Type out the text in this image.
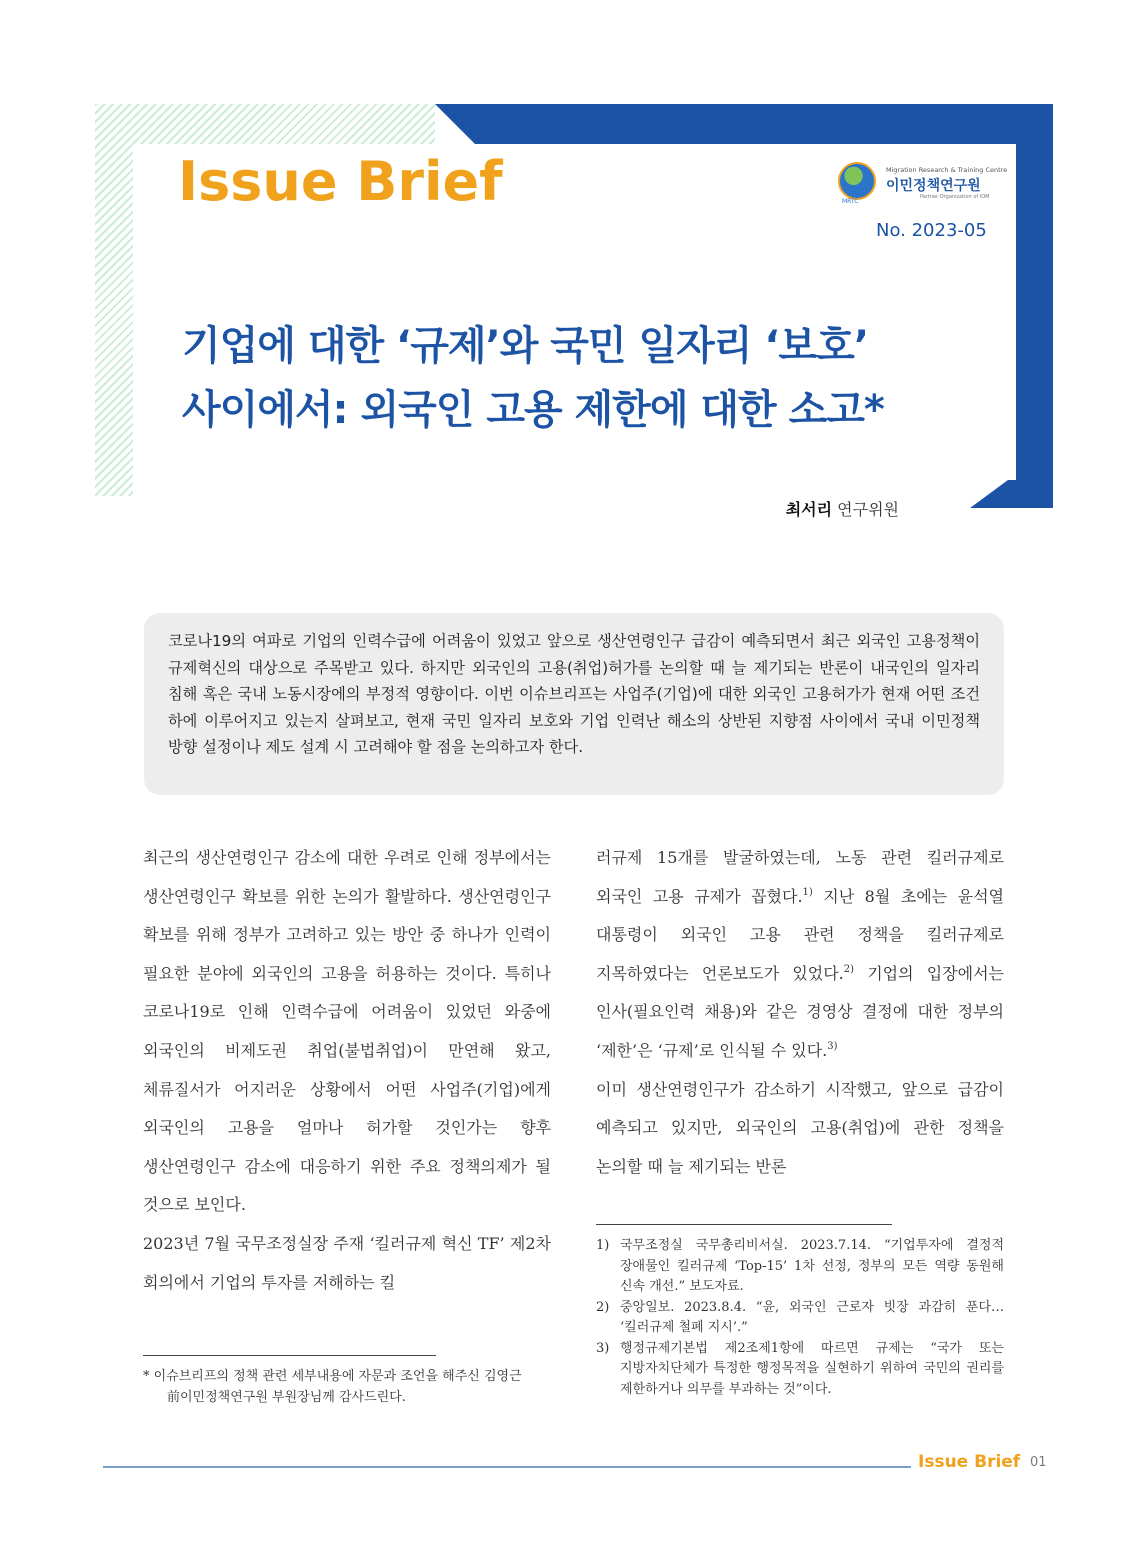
Issue Brief	MRTC
Migration Research & Training Centre
이민정책연구원
Partner Organization of IOM
No. 2023-05
기업에 대한 ‘규제’와 국민 일자리 ‘보호’
사이에서: 외국인 고용 제한에 대한 소고*
최서리 연구위원
코로나19의 여파로 기업의 인력수급에 어려움이 있었고 앞으로 생산연령인구 급감이 예측되면서 최근 외국인 고용정책이 규제혁신의 대상으로 주목받고 있다. 하지만 외국인의 고용(취업)허가를 논의할 때 늘 제기되는 반론이 내국인의 일자리 침해 혹은 국내 노동시장에의 부정적 영향이다. 이번 이슈브리프는 사업주(기업)에 대한 외국인 고용허가가 현재 어떤 조건 하에 이루어지고 있는지 살펴보고, 현재 국민 일자리 보호와 기업 인력난 해소의 상반된 지향점 사이에서 국내 이민정책 방향 설정이나 제도 설계 시 고려해야 할 점을 논의하고자 한다.

최근의 생산연령인구 감소에 대한 우려로 인해 정부에서는 생산연령인구 확보를 위한 논의가 활발하다. 생산연령인구 확보를 위해 정부가 고려하고 있는 방안 중 하나가 인력이 필요한 분야에 외국인의 고용을 허용하는 것이다. 특히나 코로나19로 인해 인력수급에 어려움이 있었던 와중에 외국인의 비제도권 취업(불법취업)이 만연해 왔고, 체류질서가 어지러운 상황에서 어떤 사업주(기업)에게 외국인의 고용을 얼마나 허가할 것인가는 향후 생산연령인구 감소에 대응하기 위한 주요 정책의제가 될 것으로 보인다.

2023년 7월 국무조정실장 주재 ‘킬러규제 혁신 TF’ 제2차 회의에서 기업의 투자를 저해하는 킬

러규제 15개를 발굴하였는데, 노동 관련 킬러규제로 외국인 고용 규제가 꼽혔다.$^{1)}$ 지난 8월 초에는 윤석열 대통령이 외국인 고용 관련 정책을 킬러규제로 지목하였다는 언론보도가 있었다.$^{2)}$ 기업의 입장에서는 인사(필요인력 채용)와 같은 경영상 결정에 대한 정부의 ‘제한’은 ‘규제’로 인식될 수 있다.$^{3)}$

이미 생산연령인구가 감소하기 시작했고, 앞으로 급감이 예측되고 있지만, 외국인의 고용(취업)에 관한 정책을 논의할 때 늘 제기되는 반론

* 이슈브리프의 정책 관련 세부내용에 자문과 조언을 해주신 김영근 前이민정책연구원 부원장님께 감사드린다.
1) 국무조정실 국무총리비서실. 2023.7.14. “기업투자에 결정적 장애물인 킬러규제 ‘Top-15’ 1차 선정, 정부의 모든 역량 동원해 신속 개선.” 보도자료.
2) 중앙일보. 2023.8.4. “윤, 외국인 근로자 빗장 과감히 푼다… ‘킬러규제 철폐 지시’.”
3) 행정규제기본법 제2조제1항에 따르면 규제는 “국가 또는 지방자치단체가 특정한 행정목적을 실현하기 위하여 국민의 권리를 제한하거나 의무를 부과하는 것”이다.
Issue Brief 01
